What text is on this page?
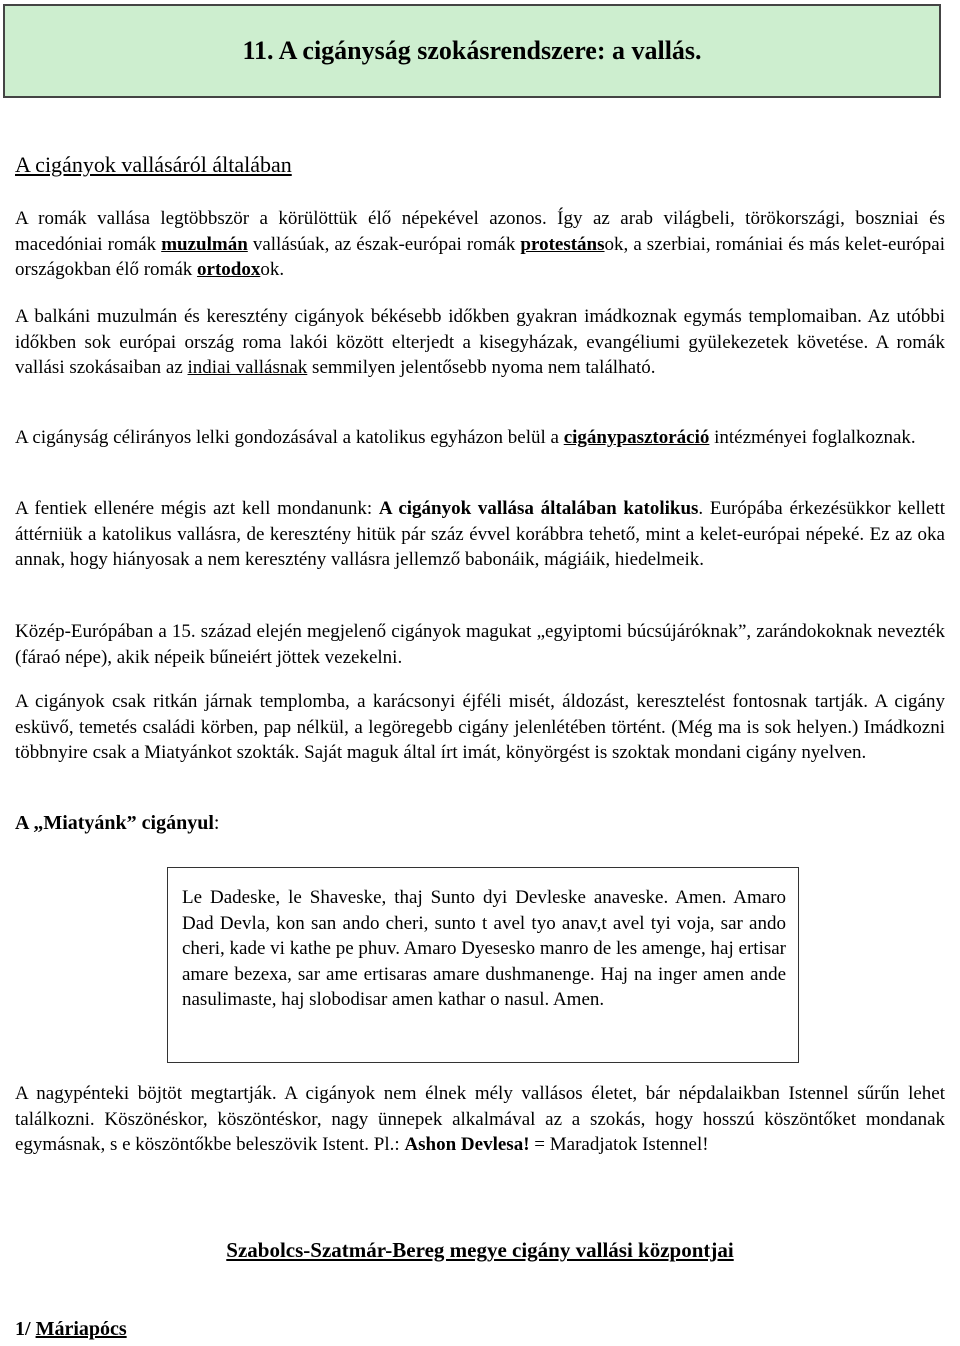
11. A cigányság szokásrendszere: a vallás.
A cigányok vallásáról általában

A romák vallása legtöbbször a körülöttük élő népekével azonos. Így az arab világbeli, törökországi, boszniai és macedóniai romák muzulmán vallásúak, az észak-európai romák protestánsok, a szerbiai, romániai és más kelet-európai országokban élő romák ortodoxok.

A balkáni muzulmán és keresztény cigányok békésebb időkben gyakran imádkoznak egymás templomaiban. Az utóbbi időkben sok európai ország roma lakói között elterjedt a kisegyházak, evangéliumi gyülekezetek követése. A romák vallási szokásaiban az indiai vallásnak semmilyen jelentősebb nyoma nem található.

A cigányság célirányos lelki gondozásával a katolikus egyházon belül a cigánypasztoráció intézményei foglalkoznak.

A fentiek ellenére mégis azt kell mondanunk: A cigányok vallása általában katolikus. Európába érkezésükkor kellett áttérniük a katolikus vallásra, de keresztény hitük pár száz évvel korábbra tehető, mint a kelet-európai népeké. Ez az oka annak, hogy hiányosak a nem keresztény vallásra jellemző babonáik, mágiáik, hiedelmeik.

Közép-Európában a 15. század elején megjelenő cigányok magukat „egyiptomi búcsújáróknak”, zarándokoknak nevezték (fáraó népe), akik népeik bűneiért jöttek vezekelni.

A cigányok csak ritkán járnak templomba, a karácsonyi éjféli misét, áldozást, keresztelést fontosnak tartják. A cigány esküvő, temetés családi körben, pap nélkül, a legöregebb cigány jelenlétében történt. (Még ma is sok helyen.) Imádkozni többnyire csak a Miatyánkot szokták. Saját maguk által írt imát, könyörgést is szoktak mondani cigány nyelven.

A „Miatyánk” cigányul:

Le Dadeske, le Shaveske, thaj Sunto dyi Devleske anaveske. Amen. Amaro Dad Devla, kon san ando cheri, sunto t avel tyo anav,t avel tyi voja, sar ando cheri, kade vi kathe pe phuv. Amaro Dyesesko manro de les amenge, haj ertisar amare bezexa, sar ame ertisaras amare dushmanenge. Haj na inger amen ande nasulimaste, haj slobodisar amen kathar o nasul. Amen.

A nagypénteki böjtöt megtartják. A cigányok nem élnek mély vallásos életet, bár népdalaikban Istennel sűrűn lehet találkozni. Köszönéskor, köszöntéskor, nagy ünnepek alkalmával az a szokás, hogy hosszú köszöntőket mondanak egymásnak, s e köszöntőkbe beleszövik Istent. Pl.: Ashon Devlesa! = Maradjatok Istennel!

Szabolcs-Szatmár-Bereg megye cigány vallási központjai

1/ Máriapócs
